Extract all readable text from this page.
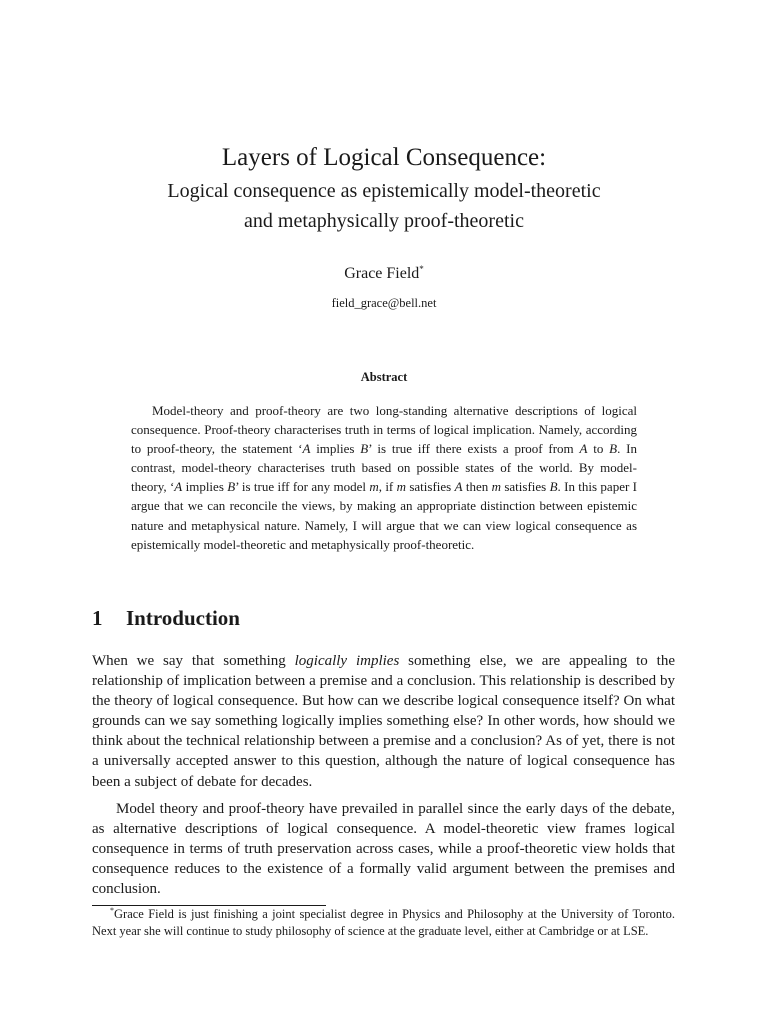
Layers of Logical Consequence:
Logical consequence as epistemically model-theoretic
and metaphysically proof-theoretic
Grace Field*
field_grace@bell.net
Abstract

Model-theory and proof-theory are two long-standing alternative descriptions of logical consequence. Proof-theory characterises truth in terms of logical implication. Namely, according to proof-theory, the statement ‘A implies B’ is true iff there exists a proof from A to B. In contrast, model-theory characterises truth based on possible states of the world. By model-theory, ‘A implies B’ is true iff for any model m, if m satisfies A then m satisfies B. In this paper I argue that we can reconcile the views, by making an appropriate distinction between epistemic nature and metaphysical nature. Namely, I will argue that we can view logical consequence as epistemically model-theoretic and metaphysically proof-theoretic.

1 Introduction

When we say that something logically implies something else, we are appealing to the relationship of implication between a premise and a conclusion. This relationship is described by the theory of logical consequence. But how can we describe logical consequence itself? On what grounds can we say something logically implies something else? In other words, how should we think about the technical relationship between a premise and a conclusion? As of yet, there is not a universally accepted answer to this question, although the nature of logical consequence has been a subject of debate for decades.

Model theory and proof-theory have prevailed in parallel since the early days of the debate, as alternative descriptions of logical consequence. A model-theoretic view frames logical consequence in terms of truth preservation across cases, while a proof-theoretic view holds that consequence reduces to the existence of a formally valid argument between the premises and conclusion.

*Grace Field is just finishing a joint specialist degree in Physics and Philosophy at the University of Toronto. Next year she will continue to study philosophy of science at the graduate level, either at Cambridge or at LSE.
